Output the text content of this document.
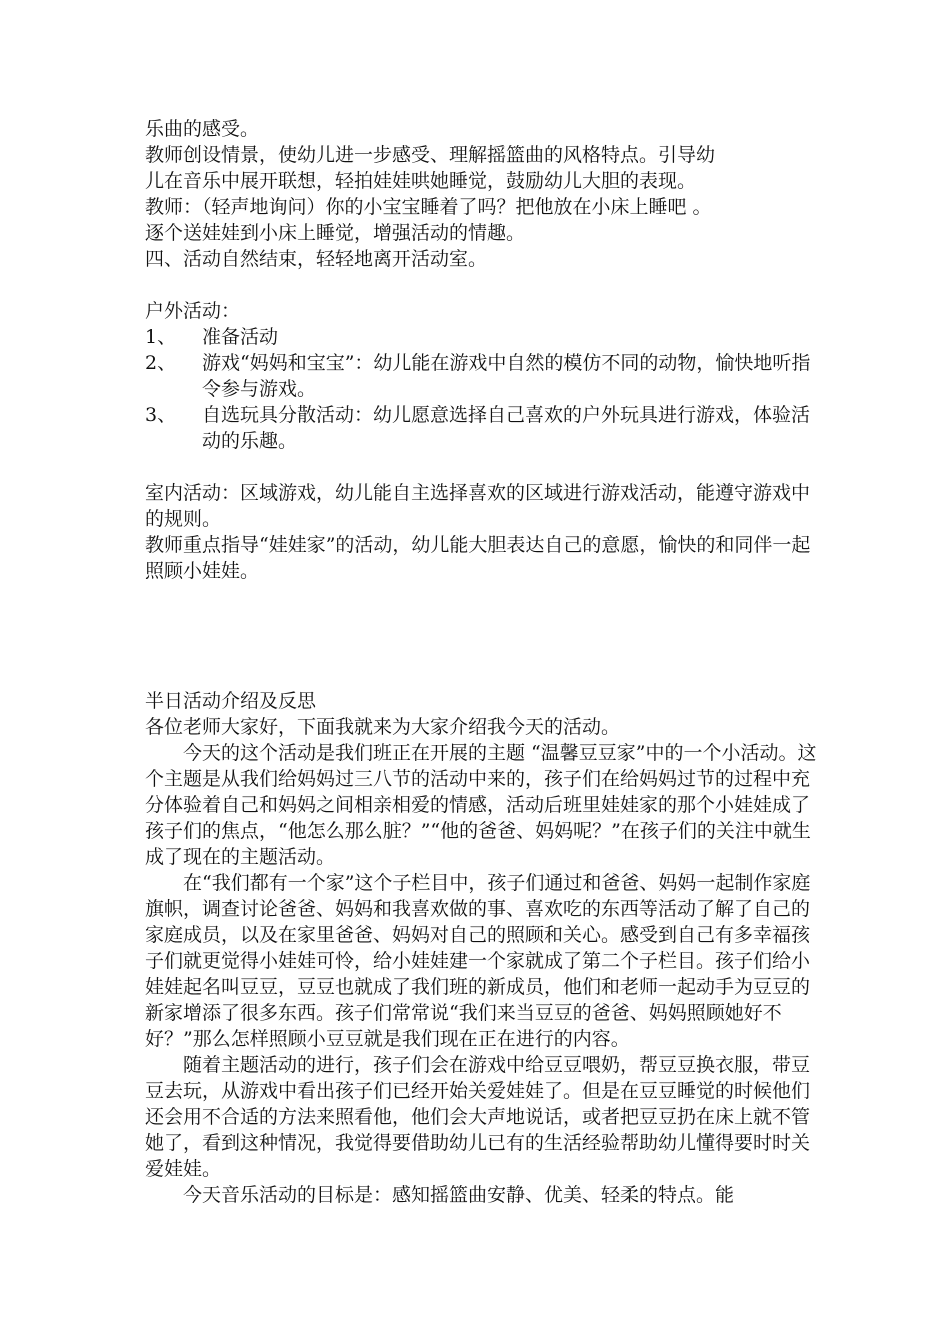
乐曲的感受。
教师创设情景，使幼儿进一步感受、理解摇篮曲的风格特点。引导幼
儿在音乐中展开联想，轻拍娃娃哄她睡觉，鼓励幼儿大胆的表现。
教师：（轻声地询问）你的小宝宝睡着了吗？把他放在小床上睡吧 。
逐个送娃娃到小床上睡觉，增强活动的情趣。
四、活动自然结束，轻轻地离开活动室。
户外活动：
1、	准备活动
2、	游戏“妈妈和宝宝”：幼儿能在游戏中自然的模仿不同的动物，愉快地听指令参与游戏。
3、	自选玩具分散活动：幼儿愿意选择自己喜欢的户外玩具进行游戏，体验活动的乐趣。
室内活动：区域游戏，幼儿能自主选择喜欢的区域进行游戏活动，能遵守游戏中的规则。
教师重点指导“娃娃家”的活动，幼儿能大胆表达自己的意愿，愉快的和同伴一起照顾小娃娃。
半日活动介绍及反思
各位老师大家好，下面我就来为大家介绍我今天的活动。
今天的这个活动是我们班正在开展的主题 “温馨豆豆家”中的一个小活动。这个主题是从我们给妈妈过三八节的活动中来的，孩子们在给妈妈过节的过程中充分体验着自己和妈妈之间相亲相爱的情感，活动后班里娃娃家的那个小娃娃成了孩子们的焦点，“他怎么那么脏？”“他的爸爸、妈妈呢？”在孩子们的关注中就生成了现在的主题活动。
在“我们都有一个家”这个子栏目中，孩子们通过和爸爸、妈妈一起制作家庭旗帜，调查讨论爸爸、妈妈和我喜欢做的事、喜欢吃的东西等活动了解了自己的家庭成员，以及在家里爸爸、妈妈对自己的照顾和关心。感受到自己有多幸福孩子们就更觉得小娃娃可怜，给小娃娃建一个家就成了第二个子栏目。孩子们给小娃娃起名叫豆豆，豆豆也就成了我们班的新成员，他们和老师一起动手为豆豆的新家增添了很多东西。孩子们常常说“我们来当豆豆的爸爸、妈妈照顾她好不好？”那么怎样照顾小豆豆就是我们现在正在进行的内容。
随着主题活动的进行，孩子们会在游戏中给豆豆喂奶，帮豆豆换衣服，带豆豆去玩，从游戏中看出孩子们已经开始关爱娃娃了。但是在豆豆睡觉的时候他们还会用不合适的方法来照看他，他们会大声地说话，或者把豆豆扔在床上就不管她了，看到这种情况，我觉得要借助幼儿已有的生活经验帮助幼儿懂得要时时关爱娃娃。
今天音乐活动的目标是：感知摇篮曲安静、优美、轻柔的特点。能
